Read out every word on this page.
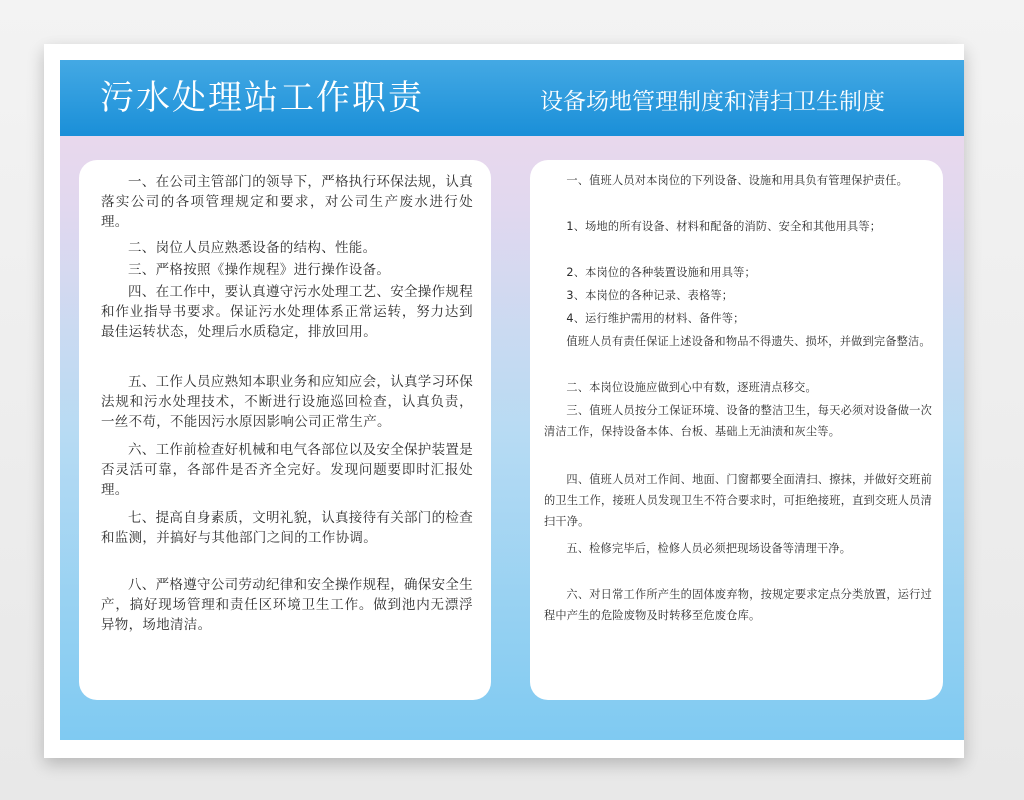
污水处理站工作职责	设备场地管理制度和清扫卫生制度

一、在公司主管部门的领导下，严格执行环保法规，认真落实公司的各项管理规定和要求，对公司生产废水进行处理。

二、岗位人员应熟悉设备的结构、性能。

三、严格按照《操作规程》进行操作设备。

四、在工作中，要认真遵守污水处理工艺、安全操作规程和作业指导书要求。保证污水处理体系正常运转，努力达到最佳运转状态，处理后水质稳定，排放回用。

五、工作人员应熟知本职业务和应知应会，认真学习环保法规和污水处理技术，不断进行设施巡回检查，认真负责，一丝不苟，不能因污水原因影响公司正常生产。

六、工作前检查好机械和电气各部位以及安全保护装置是否灵活可靠，各部件是否齐全完好。发现问题要即时汇报处理。

七、提高自身素质，文明礼貌，认真接待有关部门的检查和监测，并搞好与其他部门之间的工作协调。

八、严格遵守公司劳动纪律和安全操作规程，确保安全生产，搞好现场管理和责任区环境卫生工作。做到池内无漂浮异物，场地清洁。

一、值班人员对本岗位的下列设备、设施和用具负有管理保护责任。

1、场地的所有设备、材料和配备的消防、安全和其他用具等；

2、本岗位的各种装置设施和用具等；

3、本岗位的各种记录、表格等；

4、运行维护需用的材料、备件等；

值班人员有责任保证上述设备和物品不得遗失、损坏，并做到完备整洁。

二、本岗位设施应做到心中有数，逐班清点移交。

三、值班人员按分工保证环境、设备的整洁卫生，每天必须对设备做一次清洁工作，保持设备本体、台板、基础上无油渍和灰尘等。

四、值班人员对工作间、地面、门窗都要全面清扫、擦抹，并做好交班前的卫生工作，接班人员发现卫生不符合要求时，可拒绝接班，直到交班人员清扫干净。

五、检修完毕后，检修人员必须把现场设备等清理干净。

六、对日常工作所产生的固体废弃物，按规定要求定点分类放置，运行过程中产生的危险废物及时转移至危废仓库。
